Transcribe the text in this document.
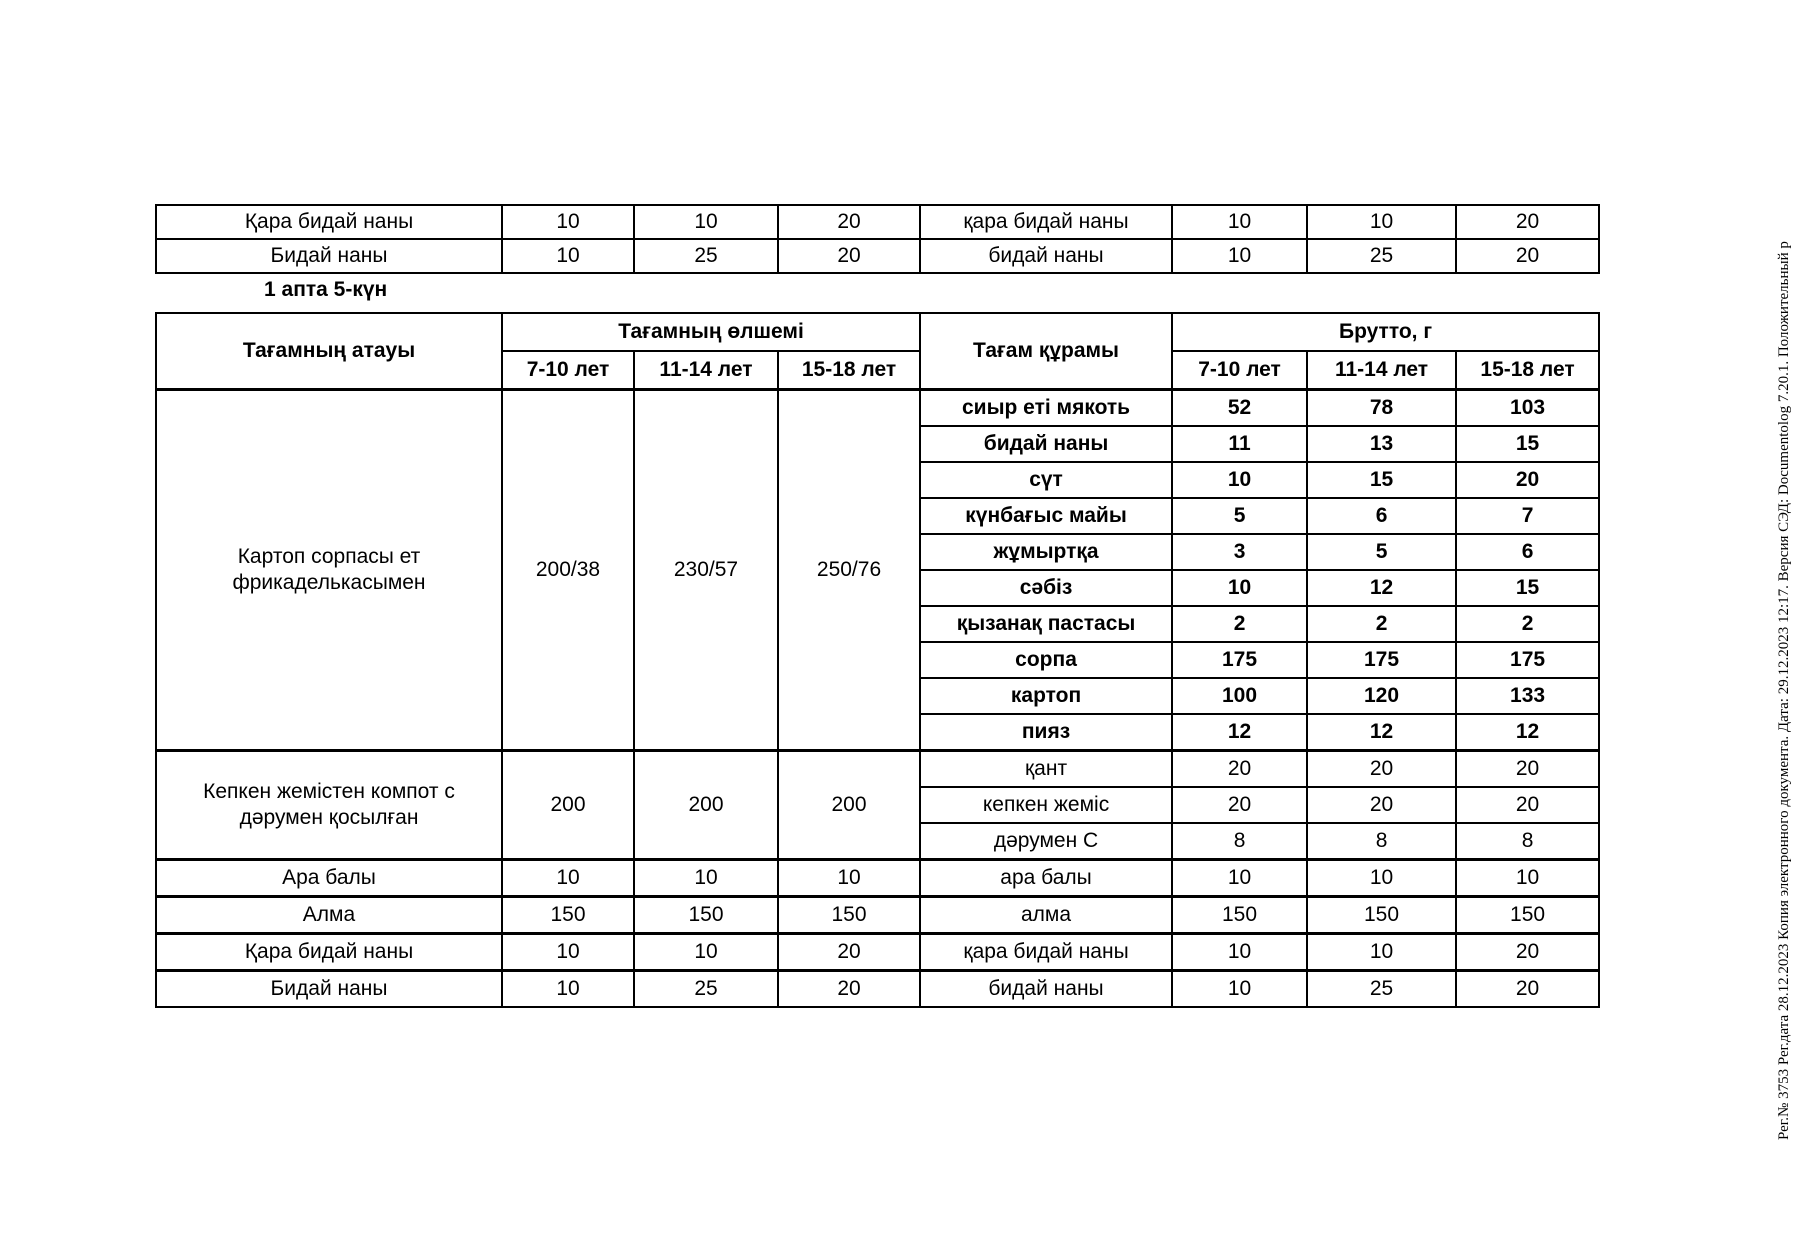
Қара бидай наны	10	10	20	қара бидай наны	10	10	20
Бидай наны	10	25	20	бидай наны	10	25	20
1 апта 5-күн
Тағамның атауы	Тағамның өлшемі			Тағам құрамы	Брутто, г		
	7-10 лет	11-14 лет	15-18 лет		7-10 лет	11-14 лет	15-18 лет
Картоп сорпасы ет фрикаделькасымен	200/38	230/57	250/76	сиыр еті мякоть	52	78	103
				бидай наны	11	13	15
				сүт	10	15	20
				күнбағыс майы	5	6	7
				жұмыртқа	3	5	6
				сәбіз	10	12	15
				қызанақ пастасы	2	2	2
				сорпа	175	175	175
				картоп	100	120	133
				пияз	12	12	12
Кепкен жемістен компот с дәрумен қосылған	200	200	200	қант	20	20	20
				кепкен жеміс	20	20	20
				дәрумен С	8	8	8
Ара балы	10	10	10	ара балы	10	10	10
Алма	150	150	150	алма	150	150	150
Қара бидай наны	10	10	20	қара бидай наны	10	10	20
Бидай наны	10	25	20	бидай наны	10	25	20	Рег.№ 3753 Рег.дата 28.12.2023 Копия электронного документа. Дата: 29.12.2023 12:17. Версия СЭД: Documentolog 7.20.1. Положительный р
